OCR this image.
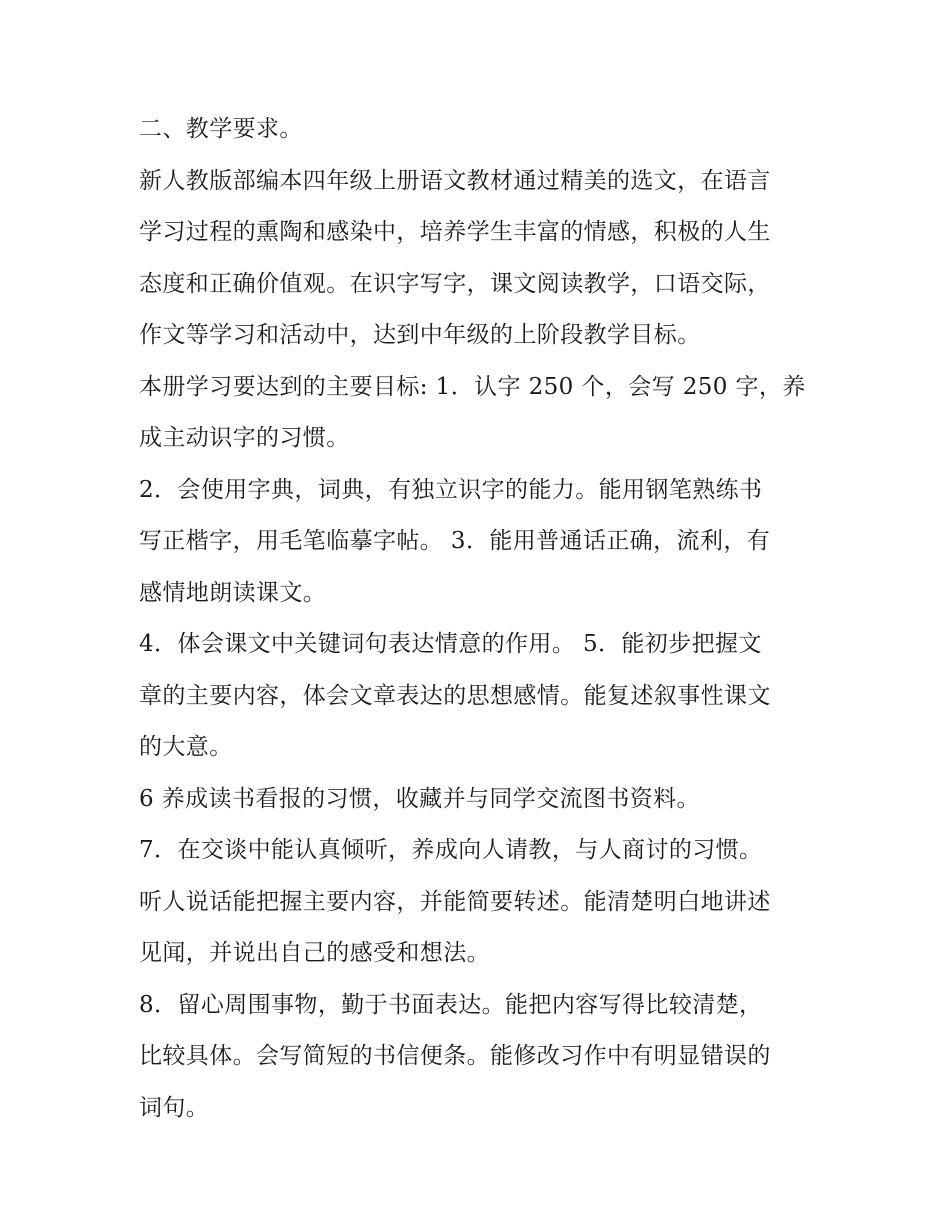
二、教学要求。
新人教版部编本四年级上册语文教材通过精美的选文，在语言
学习过程的熏陶和感染中，培养学生丰富的情感，积极的人生
态度和正确价值观。在识字写字，课文阅读教学，口语交际，
作文等学习和活动中，达到中年级的上阶段教学目标。
本册学习要达到的主要目标: 1．认字 250 个，会写 250 字，养
成主动识字的习惯。
2．会使用字典，词典，有独立识字的能力。能用钢笔熟练书
写正楷字，用毛笔临摹字帖。 3．能用普通话正确，流利，有
感情地朗读课文。
4．体会课文中关键词句表达情意的作用。 5．能初步把握文
章的主要内容，体会文章表达的思想感情。能复述叙事性课文
的大意。
6 养成读书看报的习惯，收藏并与同学交流图书资料。
7．在交谈中能认真倾听，养成向人请教，与人商讨的习惯。
听人说话能把握主要内容，并能简要转述。能清楚明白地讲述
见闻，并说出自己的感受和想法。
8．留心周围事物，勤于书面表达。能把内容写得比较清楚，
比较具体。会写简短的书信便条。能修改习作中有明显错误的
词句。
